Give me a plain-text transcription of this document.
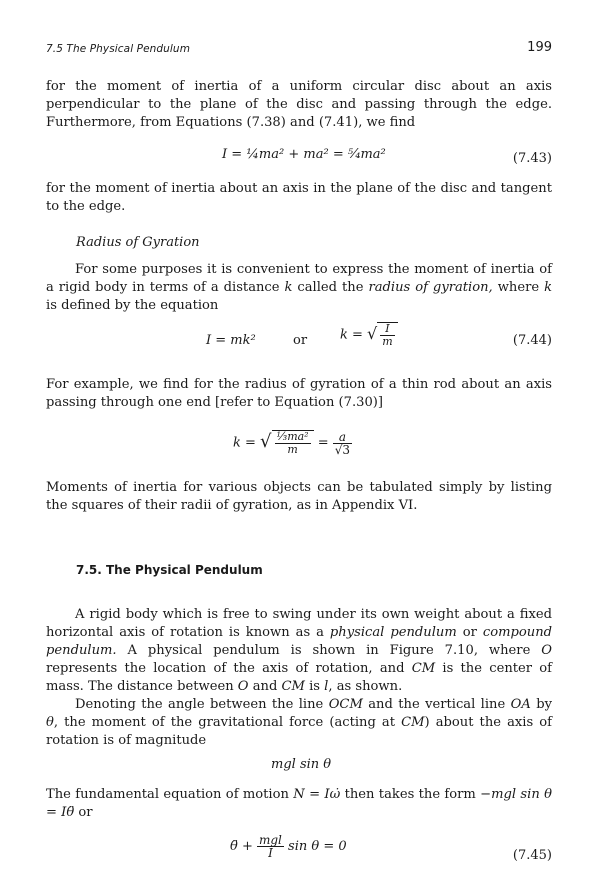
7.5 The Physical Pendulum	199

for the moment of inertia of a uniform circular disc about an axis perpendicular to the plane of the disc and passing through the edge. Furthermore, from Equations (7.38) and (7.41), we find

I = ¼ma² + ma² = ⁵⁄₄ma²	(7.43)

for the moment of inertia about an axis in the plane of the disc and tangent to the edge.

Radius of Gyration

For some purposes it is convenient to express the moment of inertia of a rigid body in terms of a distance k called the radius of gyration, where k is defined by the equation

I = mk²	or	k = √ $\frac{I}{m}$	(7.44)

For example, we find for the radius of gyration of a thin rod about an axis passing through one end [refer to Equation (7.30)]

k = √ $\frac{\text{⅓ma²}}{m} = \frac{a}{√3}$

Moments of inertia for various objects can be tabulated simply by listing the squares of their radii of gyration, as in Appendix VI.

7.5. The Physical Pendulum

A rigid body which is free to swing under its own weight about a fixed horizontal axis of rotation is known as a physical pendulum or compound pendulum. A physical pendulum is shown in Figure 7.10, where O represents the location of the axis of rotation, and CM is the center of mass. The distance between O and CM is l, as shown.

Denoting the angle between the line OCM and the vertical line OA by θ, the moment of the gravitational force (acting at CM) about the axis of rotation is of magnitude

mgl sin θ

The fundamental equation of motion N = Iω̇ then takes the form −mgl sin θ = Iθ̈ or

θ̈ + $\frac{\text{mgl}}{I}$ sin θ = 0
(7.45)
